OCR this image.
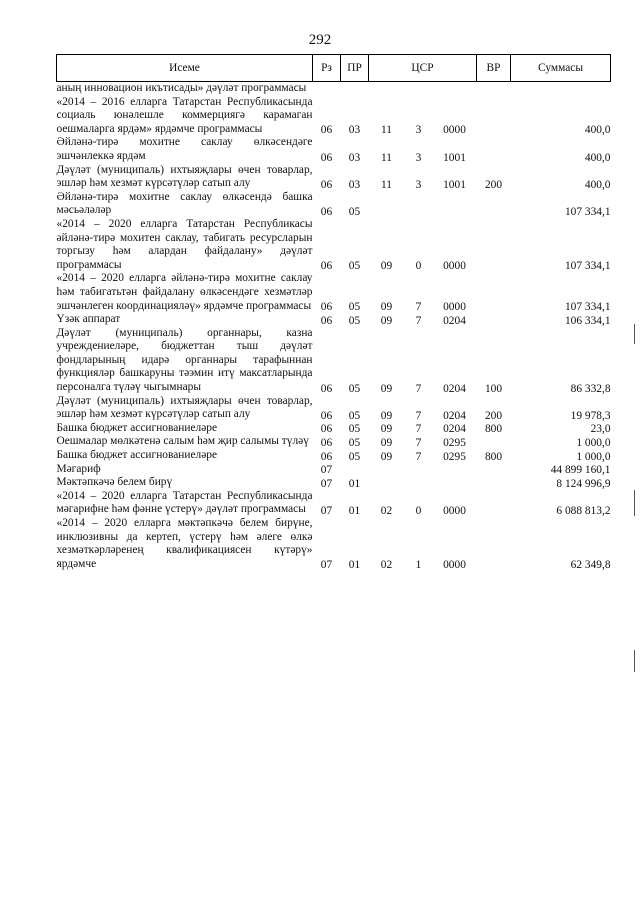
292
Исеме	Рз	ПР	ЦСР			ВР	Суммасы
аның инновацион икътисады» дәүләт программасы							
«2014 – 2016 елларга Татарстан Республикасында социаль юнәлешле коммерциягә карамаган оешмаларга ярдәм» ярдәмче программасы	06	03	11	3	0000		400,0
Әйләнә-тирә мохитне саклау өлкәсендәге эшчәнлеккә ярдәм	06	03	11	3	1001		400,0
Дәүләт (муниципаль) ихтыяҗлары өчен товарлар, эшләр һәм хезмәт күрсәтүләр сатып алу	06	03	11	3	1001	200	400,0
Әйләнә-тирә мохитне саклау өлкәсендә башка мәсьәләләр	06	05					107 334,1
«2014 – 2020 елларга Татарстан Республикасы әйләнә-тирә мохитен саклау, табигать ресурсларын торгызу һәм алардан файдалану» дәүләт программасы	06	05	09	0	0000		107 334,1
«2014 – 2020 елларга әйләнә-тирә мохитне саклау һәм табигатьтән файдалану өлкәсендәге хезмәтләр эшчәнлеген координацияләү» ярдәмче программасы	06	05	09	7	0000		107 334,1
Үзәк аппарат	06	05	09	7	0204		106 334,1
Дәүләт (муниципаль) органнары, казна учреждениеләре, бюджеттан тыш дәүләт фондларының идарә органнары тарафыннан функцияләр башкаруны тәэмин итү максатларында персоналга түләү чыгымнары	06	05	09	7	0204	100	86 332,8
Дәүләт (муниципаль) ихтыяҗлары өчен товарлар, эшләр һәм хезмәт күрсәтүләр сатып алу	06	05	09	7	0204	200	19 978,3
Башка бюджет ассигнованиеләре	06	05	09	7	0204	800	23,0
Оешмалар мөлкәтенә салым һәм җир салымы түләү	06	05	09	7	0295		1 000,0
Башка бюджет ассигнованиеләре	06	05	09	7	0295	800	1 000,0
Мәгариф	07						44 899 160,1
Мәктәпкәчә белем бирү	07	01					8 124 996,9
«2014 – 2020 елларга Татарстан Республикасында мәгарифне һәм фәнне үстерү» дәүләт программасы	07	01	02	0	0000		6 088 813,2
«2014 – 2020 елларга мәктәпкәчә белем бирүне, инклюзивны да кертеп, үстерү һәм әлеге өлкә хезмәткәрләренең квалификациясен күтәрү» ярдәмче	07	01	02	1	0000		62 349,8
